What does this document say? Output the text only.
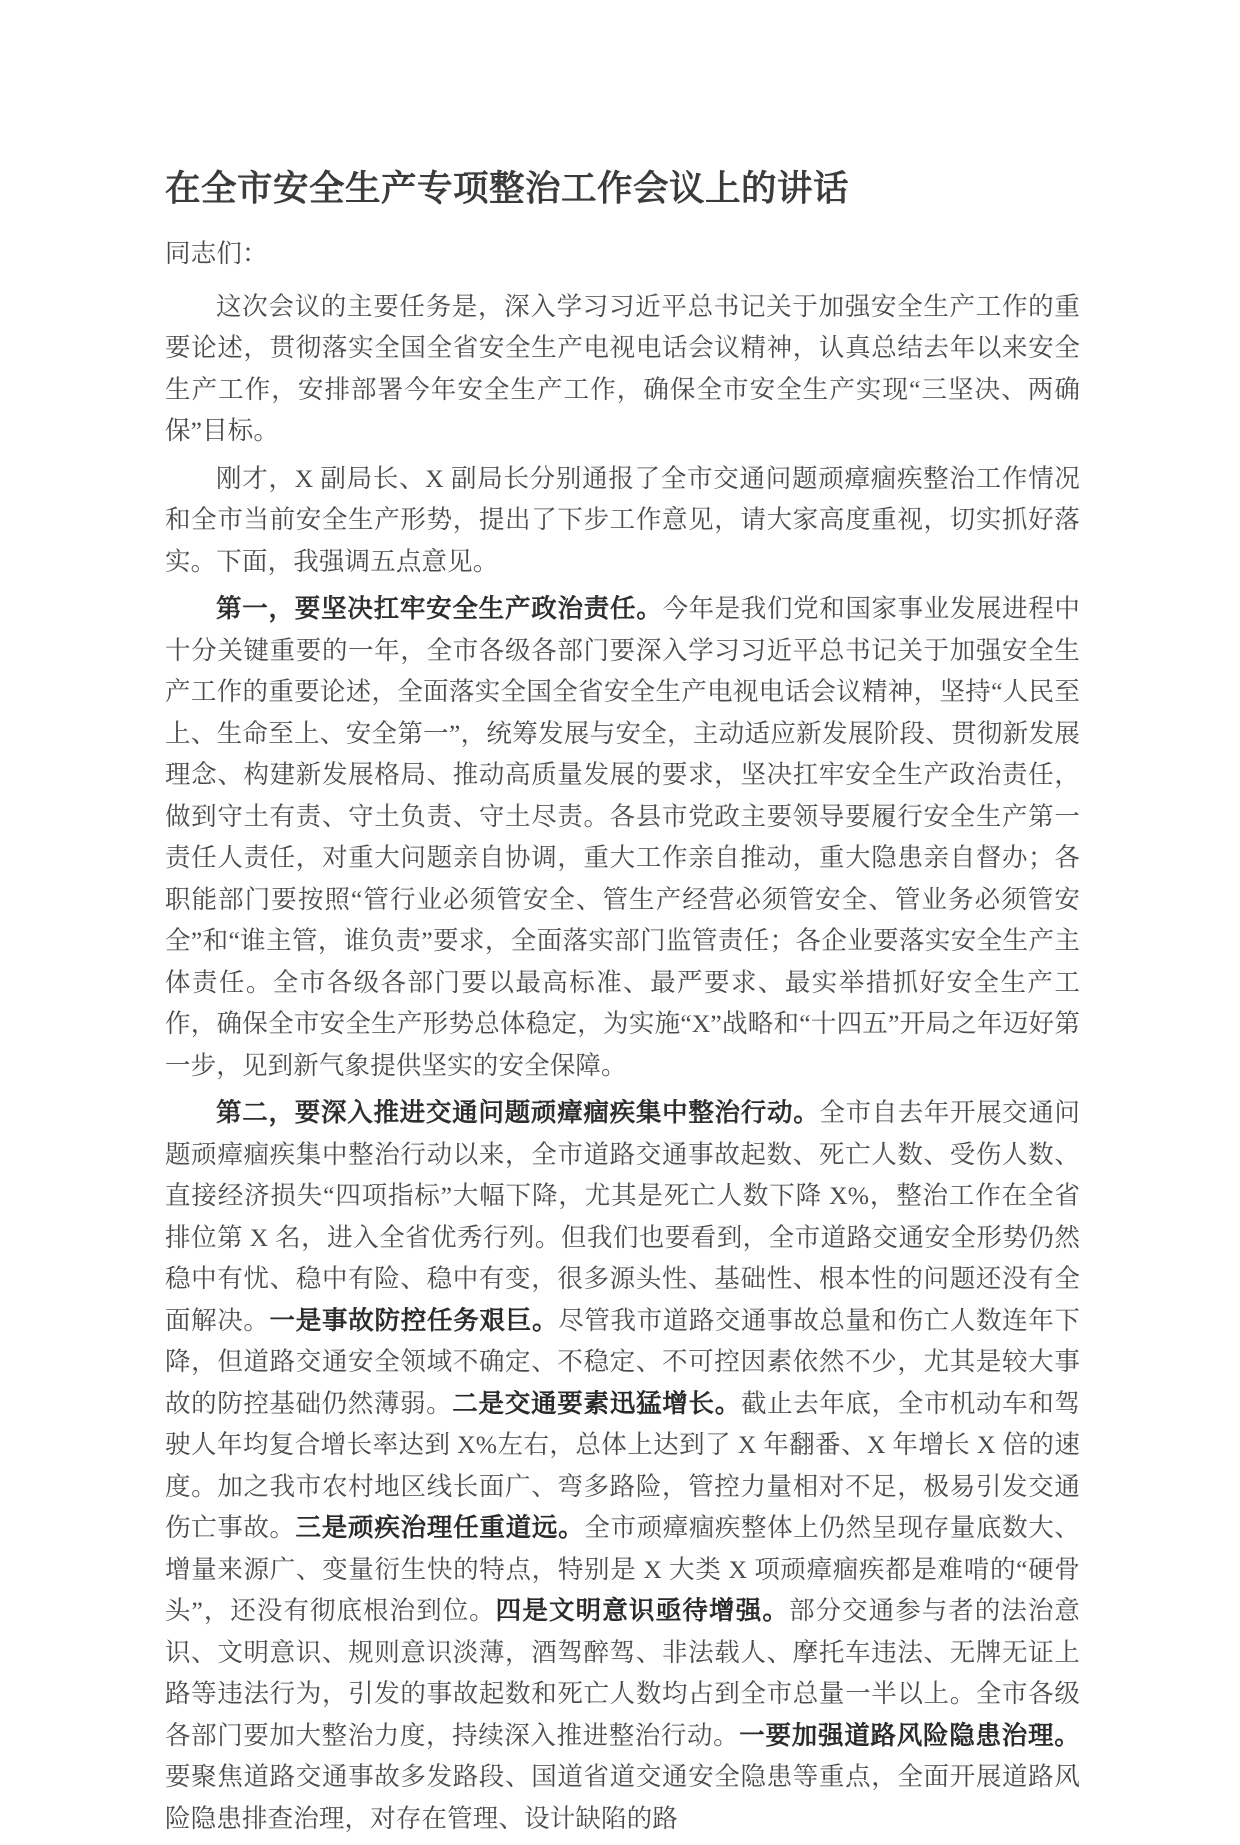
在全市安全生产专项整治工作会议上的讲话
同志们：

这次会议的主要任务是，深入学习习近平总书记关于加强安全生产工作的重要论述，贯彻落实全国全省安全生产电视电话会议精神，认真总结去年以来安全生产工作，安排部署今年安全生产工作，确保全市安全生产实现“三坚决、两确保”目标。

刚才，X 副局长、X 副局长分别通报了全市交通问题顽瘴痼疾整治工作情况和全市当前安全生产形势，提出了下步工作意见，请大家高度重视，切实抓好落实。下面，我强调五点意见。

第一，要坚决扛牢安全生产政治责任。今年是我们党和国家事业发展进程中十分关键重要的一年，全市各级各部门要深入学习习近平总书记关于加强安全生产工作的重要论述，全面落实全国全省安全生产电视电话会议精神，坚持“人民至上、生命至上、安全第一”，统筹发展与安全，主动适应新发展阶段、贯彻新发展理念、构建新发展格局、推动高质量发展的要求，坚决扛牢安全生产政治责任，做到守土有责、守土负责、守土尽责。各县市党政主要领导要履行安全生产第一责任人责任，对重大问题亲自协调，重大工作亲自推动，重大隐患亲自督办；各职能部门要按照“管行业必须管安全、管生产经营必须管安全、管业务必须管安全”和“谁主管，谁负责”要求，全面落实部门监管责任；各企业要落实安全生产主体责任。全市各级各部门要以最高标准、最严要求、最实举措抓好安全生产工作，确保全市安全生产形势总体稳定，为实施“X”战略和“十四五”开局之年迈好第一步，见到新气象提供坚实的安全保障。

第二，要深入推进交通问题顽瘴痼疾集中整治行动。全市自去年开展交通问题顽瘴痼疾集中整治行动以来，全市道路交通事故起数、死亡人数、受伤人数、直接经济损失“四项指标”大幅下降，尤其是死亡人数下降 X%，整治工作在全省排位第 X 名，进入全省优秀行列。但我们也要看到，全市道路交通安全形势仍然稳中有忧、稳中有险、稳中有变，很多源头性、基础性、根本性的问题还没有全面解决。一是事故防控任务艰巨。尽管我市道路交通事故总量和伤亡人数连年下降，但道路交通安全领域不确定、不稳定、不可控因素依然不少，尤其是较大事故的防控基础仍然薄弱。二是交通要素迅猛增长。截止去年底，全市机动车和驾驶人年均复合增长率达到 X%左右，总体上达到了 X 年翻番、X 年增长 X 倍的速度。加之我市农村地区线长面广、弯多路险，管控力量相对不足，极易引发交通伤亡事故。三是顽疾治理任重道远。全市顽瘴痼疾整体上仍然呈现存量底数大、增量来源广、变量衍生快的特点，特别是 X 大类 X 项顽瘴痼疾都是难啃的“硬骨头”，还没有彻底根治到位。四是文明意识亟待增强。部分交通参与者的法治意识、文明意识、规则意识淡薄，酒驾醉驾、非法载人、摩托车违法、无牌无证上路等违法行为，引发的事故起数和死亡人数均占到全市总量一半以上。全市各级各部门要加大整治力度，持续深入推进整治行动。一要加强道路风险隐患治理。要聚焦道路交通事故多发路段、国道省道交通安全隐患等重点，全面开展道路风险隐患排查治理，对存在管理、设计缺陷的路
